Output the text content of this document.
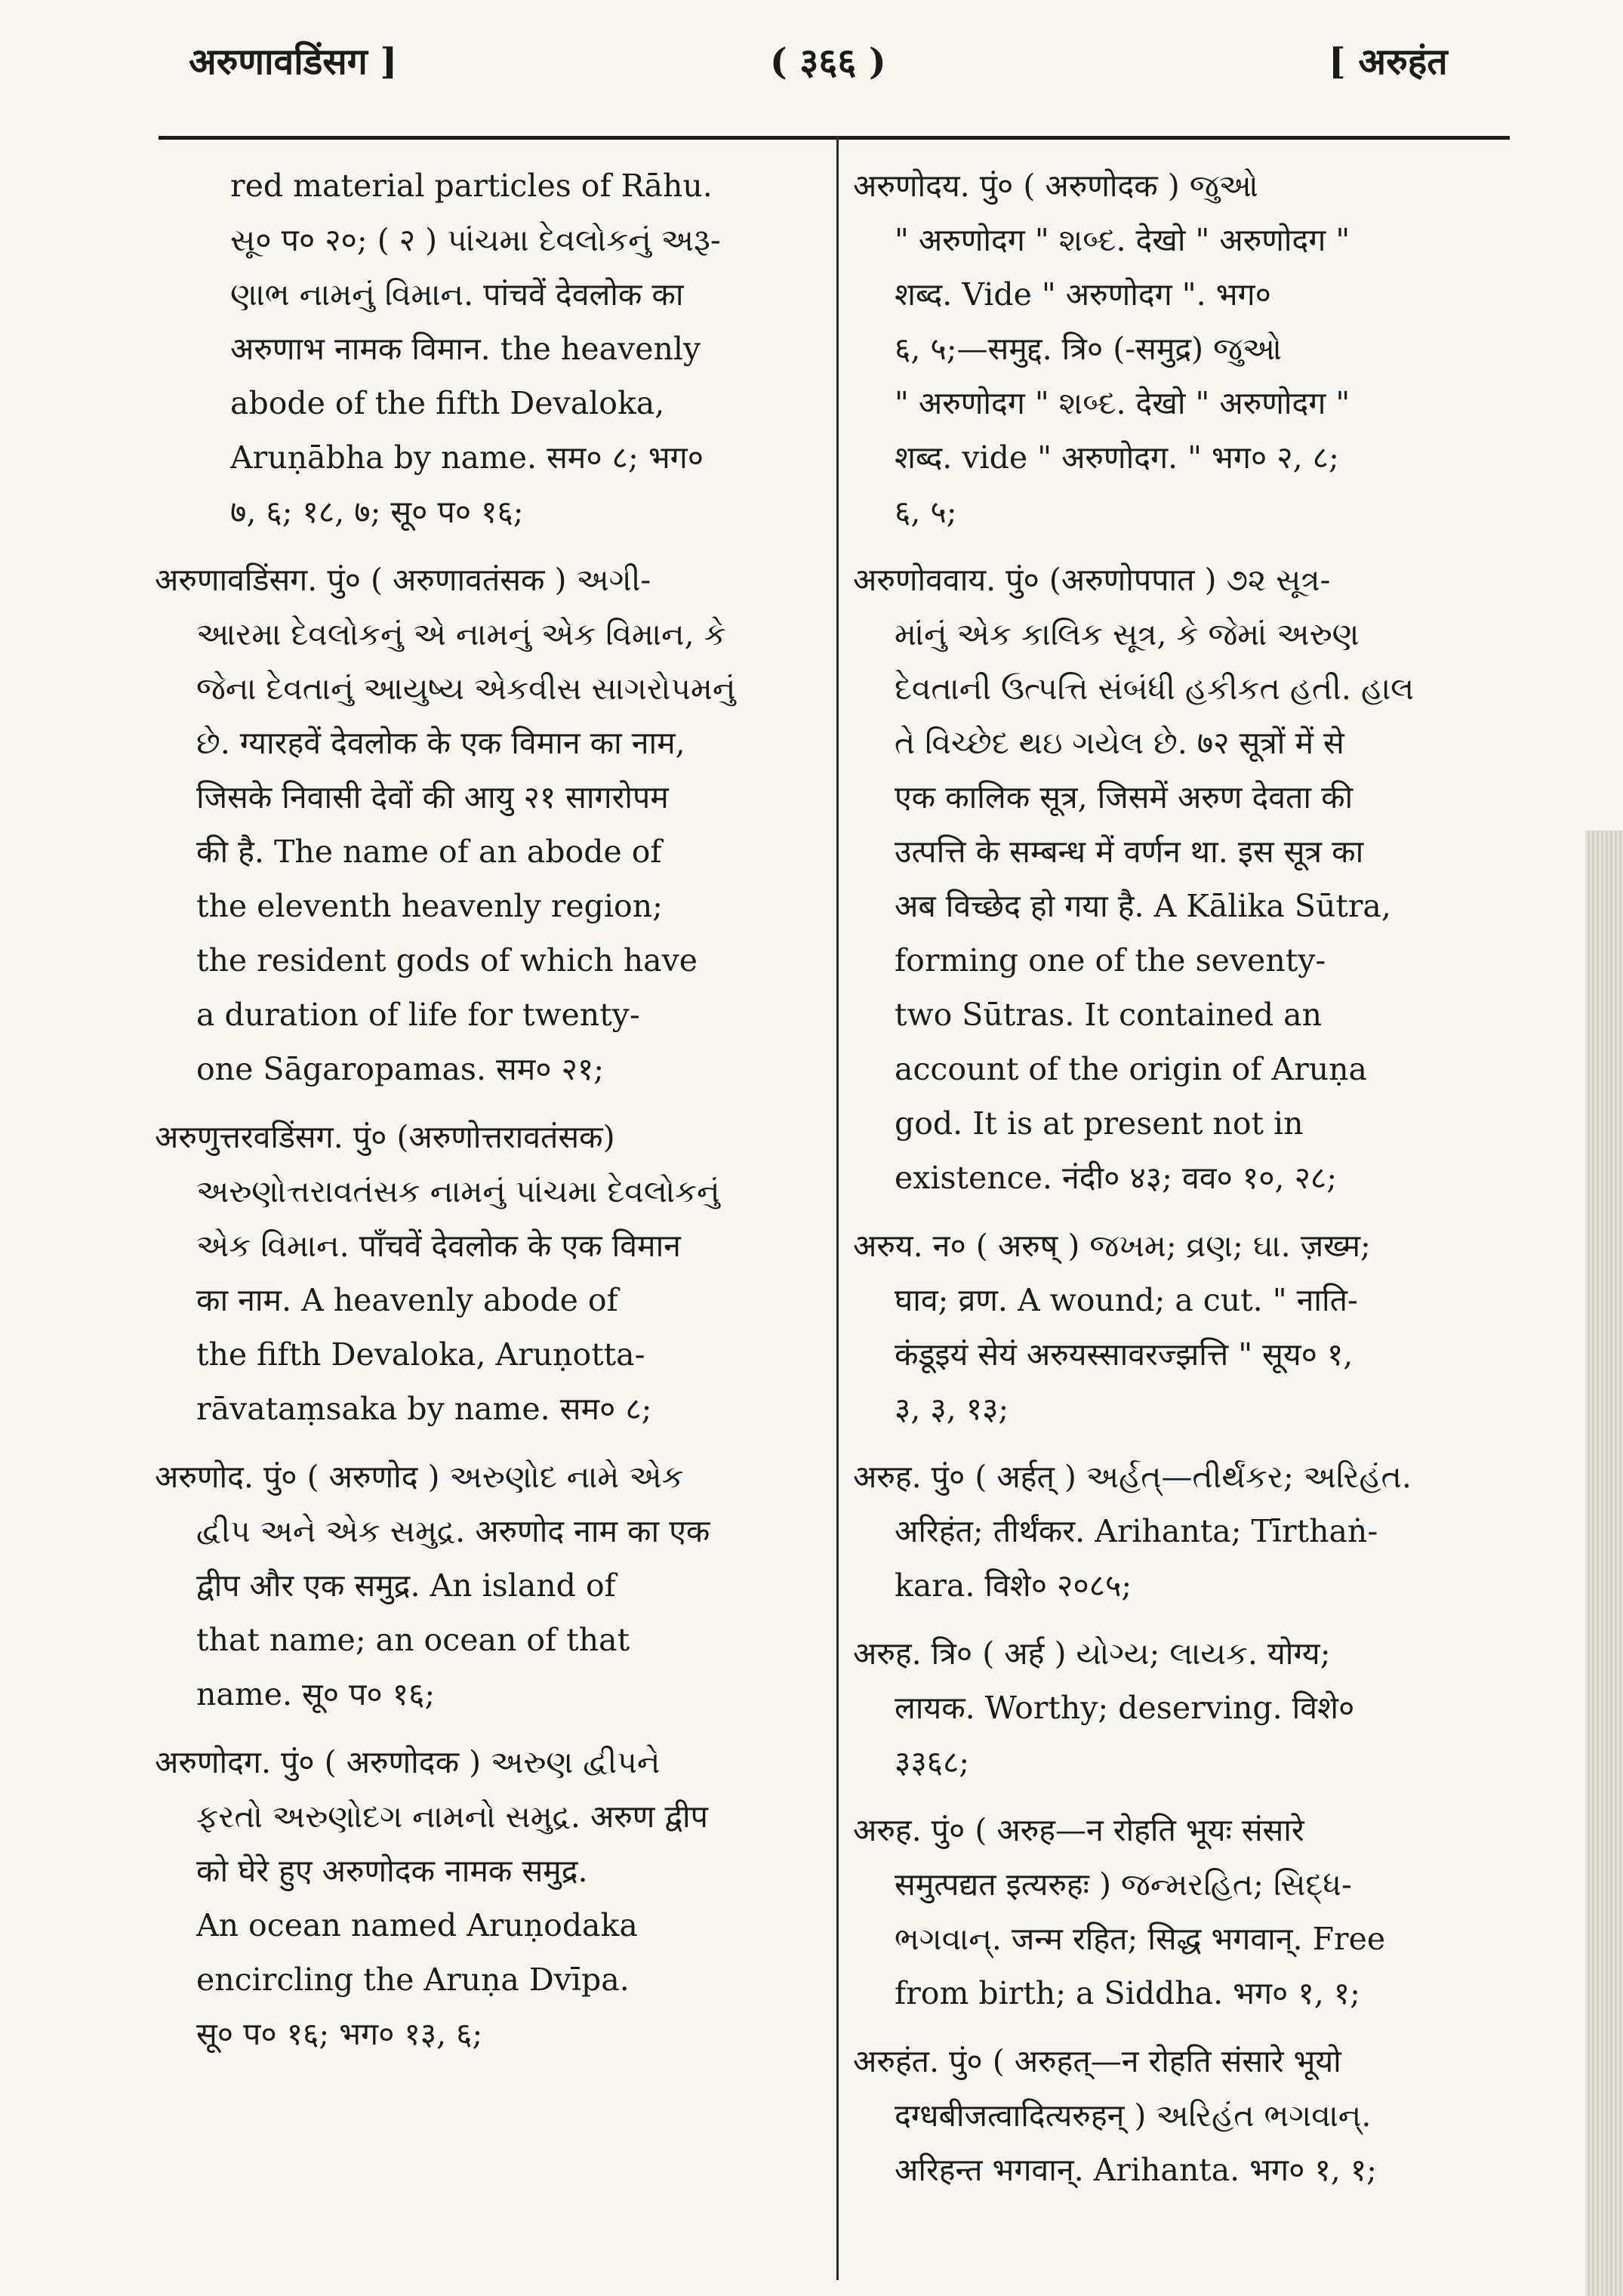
अरुणावडिंसग ]	( ३६६ )	[ अरुहंत
red material particles of Rāhu.
સૂ० प० २०; ( २ ) પાંચમા દેવલોકનું અરૂ-
ણાભ નામનું વિમાન. पांचवें देवलोक का
अरुणाभ नामक विमान. the heavenly
abode of the fifth Devaloka,
Aruṇābha by name. सम० ८; भग०
७, ६; १८, ७; सू० प० १६;
अरुणावडिंसग. पुं० ( अरुणावतंसक ) અગી-
આરમા દેવલોકનું એ નામનું એક વિમાન, કે
જેના દેવતાનું આયુષ્ય એકવીસ સાગરોપમનું
છે. ग्यारहवें देवलोक के एक विमान का नाम,
जिसके निवासी देवों की आयु २१ सागरोपम
की है. The name of an abode of
the eleventh heavenly region;
the resident gods of which have
a duration of life for twenty-
one Sāgaropamas. सम० २१;
अरुणुत्तरवडिंसग. पुं० (अरुणोत्तरावतंसक)
અરુણોત્તરાવતંસક નામનું પાંચમા દેવલોકનું
એક વિમાન. पाँचवें देवलोक के एक विमान
का नाम. A heavenly abode of
the fifth Devaloka, Aruṇotta-
rāvataṃsaka by name. सम० ८;
अरुणोद. पुं० ( अरुणोद ) અરુણોદ નામે એક
દ્વીપ અને એક સમુદ્ર. अरुणोद नाम का एक
द्वीप और एक समुद्र. An island of
that name; an ocean of that
name. सू० प० १६;
अरुणोदग. पुं० ( अरुणोदक ) અરુણ દ્વીપને
ફરતો અરુણોદગ નામનો સમુદ્ર. अरुण द्वीप
को घेरे हुए अरुणोदक नामक समुद्र.
An ocean named Aruṇodaka
encircling the Aruṇa Dvīpa.
सू० प० १६; भग० १३, ६;
अरुणोदय. पुं० ( अरुणोदक ) જુઓ
" अरुणोदग " શબ્દ. देखो " अरुणोदग "
शब्द. Vide " अरुणोदग ". भग०
६, ५;—समुद्द. त्रि० (-समुद्र) જુઓ
" अरुणोदग " શબ્દ. देखो " अरुणोदग "
शब्द. vide " अरुणोदग. " भग० २, ८;
६, ५;
अरुणोववाय. पुं० (अरुणोपपात ) ૭૨ સૂત્ર-
માંનું એક કાલિક સૂત્ર, કે જેમાં અરુણ
દેવતાની ઉત્પત્તિ સંબંધી હકીકત હતી. હાલ
તે વિચ્છેદ થઇ ગયેલ છે. ७२ सूत्रों में से
एक कालिक सूत्र, जिसमें अरुण देवता की
उत्पत्ति के सम्बन्ध में वर्णन था. इस सूत्र का
अब विच्छेद हो गया है. A Kālika Sūtra,
forming one of the seventy-
two Sūtras. It contained an
account of the origin of Aruṇa
god. It is at present not in
existence. नंदी० ४३; वव० १०, २८;
अरुय. न० ( अरुष् ) જખમ; વ્રણ; ઘા. ज़ख्म;
घाव; व्रण. A wound; a cut. " नाति-
कंडूइयं सेयं अरुयस्सावरज्झत्ति " सूय० १,
३, ३, १३;
अरुह. पुं० ( अर्हत् ) અર્હત્—તીર્થંકર; અરિહંત.
अरिहंत; तीर्थंकर. Arihanta; Tīrthaṅ-
kara. विशे० २०८५;
अरुह. त्रि० ( अर्ह ) યોગ્ય; લાયક. योग्य;
लायक. Worthy; deserving. विशे०
३३६८;
अरुह. पुं० ( अरुह—न रोहति भूयः संसारे
समुत्पद्यत इत्यरुहः ) જન્મરહિત; સિદ્ધ-
ભગવાન્. जन्म रहित; सिद्ध भगवान्. Free
from birth; a Siddha. भग० १, १;
अरुहंत. पुं० ( अरुहत्—न रोहति संसारे भूयो
दग्धबीजत्वादित्यरुहन् ) અરિહંત ભગવાન્.
अरिहन्त भगवान्. Arihanta. भग० १, १;
